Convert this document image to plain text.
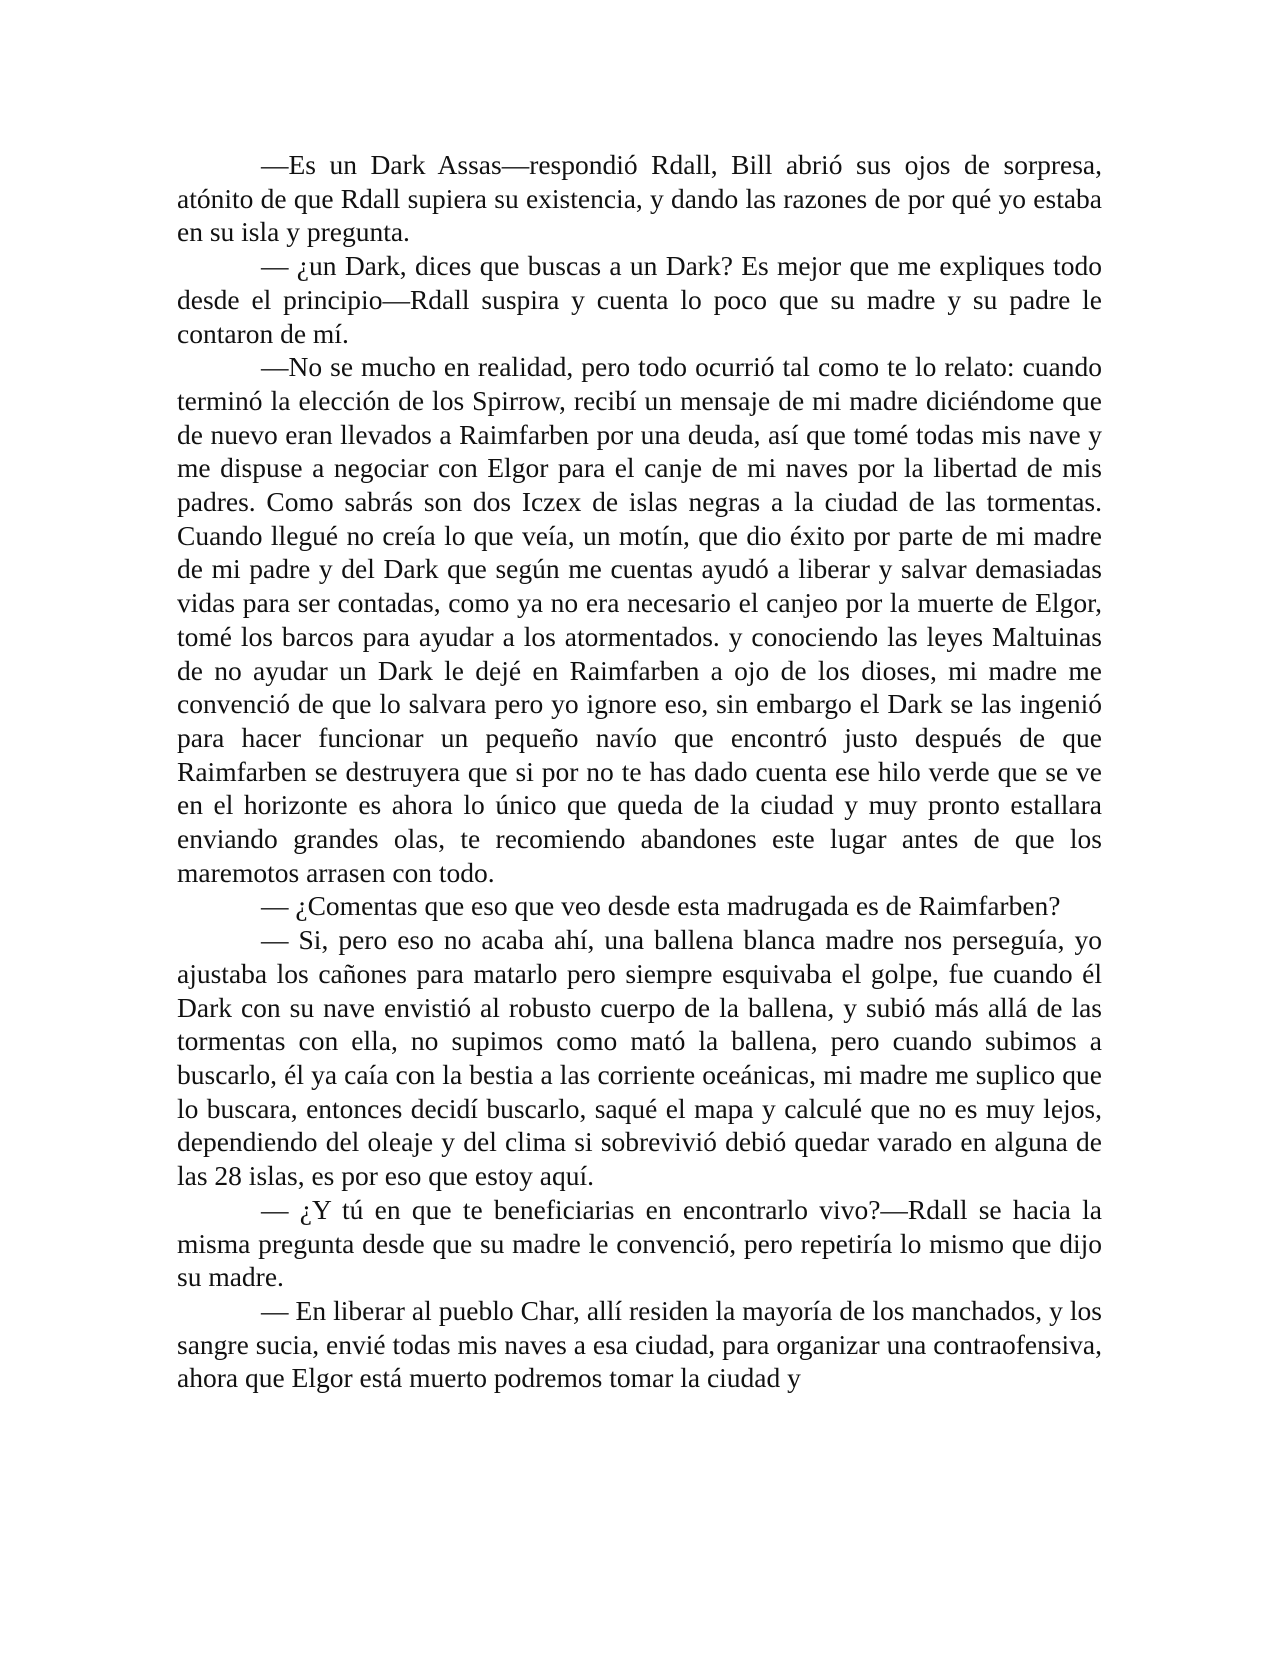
—Es un Dark Assas—respondió Rdall, Bill abrió sus ojos de sorpresa, atónito de que Rdall supiera su existencia, y dando las razones de por qué yo estaba en su isla y pregunta.

— ¿un Dark, dices que buscas a un Dark? Es mejor que me expliques todo desde el principio—Rdall suspira y cuenta lo poco que su madre y su padre le contaron de mí.

—No se mucho en realidad, pero todo ocurrió tal como te lo relato: cuando terminó la elección de los Spirrow, recibí un mensaje de mi madre diciéndome que de nuevo eran llevados a Raimfarben por una deuda, así que tomé todas mis nave y me dispuse a negociar con Elgor para el canje de mi naves por la libertad de mis padres. Como sabrás son dos Iczex de islas negras a la ciudad de las tormentas. Cuando llegué no creía lo que veía, un motín, que dio éxito por parte de mi madre de mi padre y del Dark que según me cuentas ayudó a liberar y salvar demasiadas vidas para ser contadas, como ya no era necesario el canjeo por la muerte de Elgor, tomé los barcos para ayudar a los atormentados. y conociendo las leyes Maltuinas de no ayudar un Dark le dejé en Raimfarben a ojo de los dioses, mi madre me convenció de que lo salvara pero yo ignore eso, sin embargo el Dark se las ingenió para hacer funcionar un pequeño navío que encontró justo después de que Raimfarben se destruyera que si por no te has dado cuenta ese hilo verde que se ve en el horizonte es ahora lo único que queda de la ciudad y muy pronto estallara enviando grandes olas, te recomiendo abandones este lugar antes de que los maremotos arrasen con todo.

— ¿Comentas que eso que veo desde esta madrugada es de Raimfarben?

— Si, pero eso no acaba ahí, una ballena blanca madre nos perseguía, yo ajustaba los cañones para matarlo pero siempre esquivaba el golpe, fue cuando él Dark con su nave envistió al robusto cuerpo de la ballena, y subió más allá de las tormentas con ella, no supimos como mató la ballena, pero cuando subimos a buscarlo, él ya caía con la bestia a las corriente oceánicas, mi madre me suplico que lo buscara, entonces decidí buscarlo, saqué el mapa y calculé que no es muy lejos, dependiendo del oleaje y del clima si sobrevivió debió quedar varado en alguna de las 28 islas, es por eso que estoy aquí.

— ¿Y tú en que te beneficiarias en encontrarlo vivo?—Rdall se hacia la misma pregunta desde que su madre le convenció, pero repetiría lo mismo que dijo su madre.

— En liberar al pueblo Char, allí residen la mayoría de los manchados, y los sangre sucia, envié todas mis naves a esa ciudad, para organizar una contraofensiva, ahora que Elgor está muerto podremos tomar la ciudad y
